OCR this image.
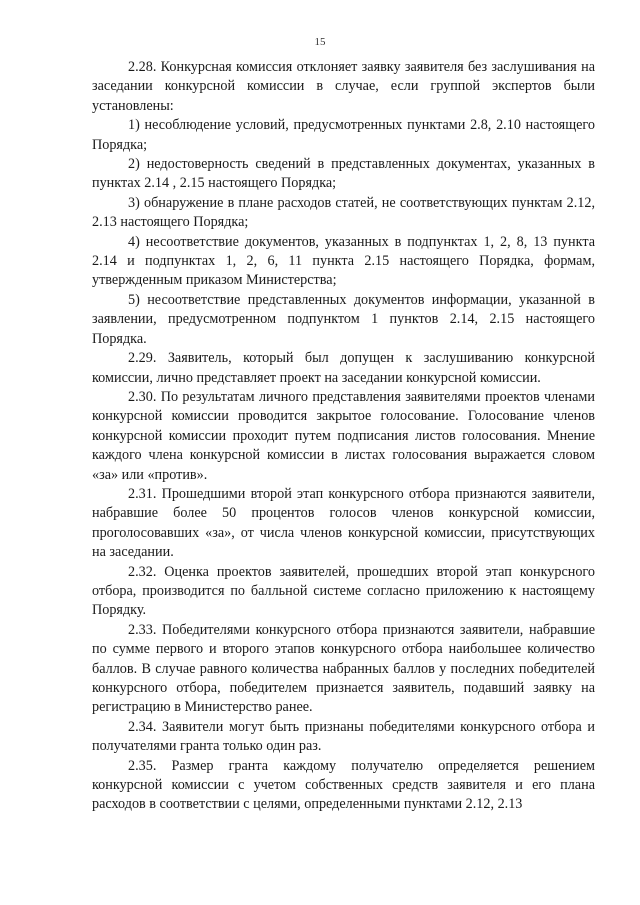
15

2.28. Конкурсная комиссия отклоняет заявку заявителя без заслушивания на заседании конкурсной комиссии в случае, если группой экспертов были установлены:

1) несоблюдение условий, предусмотренных пунктами 2.8, 2.10 настоящего Порядка;

2) недостоверность сведений в представленных документах, указанных в пунктах 2.14 , 2.15 настоящего Порядка;

3) обнаружение в плане расходов статей, не соответствующих пунктам 2.12, 2.13 настоящего Порядка;

4) несоответствие документов, указанных в подпунктах 1, 2, 8, 13 пункта 2.14 и подпунктах 1, 2, 6, 11 пункта 2.15 настоящего Порядка, формам, утвержденным приказом Министерства;

5) несоответствие представленных документов информации, указанной в заявлении, предусмотренном подпунктом 1 пунктов 2.14, 2.15 настоящего Порядка.

2.29. Заявитель, который был допущен к заслушиванию конкурсной комиссии, лично представляет проект на заседании конкурсной комиссии.

2.30. По результатам личного представления заявителями проектов членами конкурсной комиссии проводится закрытое голосование. Голосование членов конкурсной комиссии проходит путем подписания листов голосования. Мнение каждого члена конкурсной комиссии в листах голосования выражается словом «за» или «против».

2.31. Прошедшими второй этап конкурсного отбора признаются заявители, набравшие более 50 процентов голосов членов конкурсной комиссии, проголосовавших «за», от числа членов конкурсной комиссии, присутствующих на заседании.

2.32. Оценка проектов заявителей, прошедших второй этап конкурсного отбора, производится по балльной системе согласно приложению к настоящему Порядку.

2.33. Победителями конкурсного отбора признаются заявители, набравшие по сумме первого и второго этапов конкурсного отбора наибольшее количество баллов. В случае равного количества набранных баллов у последних победителей конкурсного отбора, победителем признается заявитель, подавший заявку на регистрацию в Министерство ранее.

2.34. Заявители могут быть признаны победителями конкурсного отбора и получателями гранта только один раз.

2.35. Размер гранта каждому получателю определяется решением конкурсной комиссии с учетом собственных средств заявителя и его плана расходов в соответствии с целями, определенными пунктами 2.12, 2.13
